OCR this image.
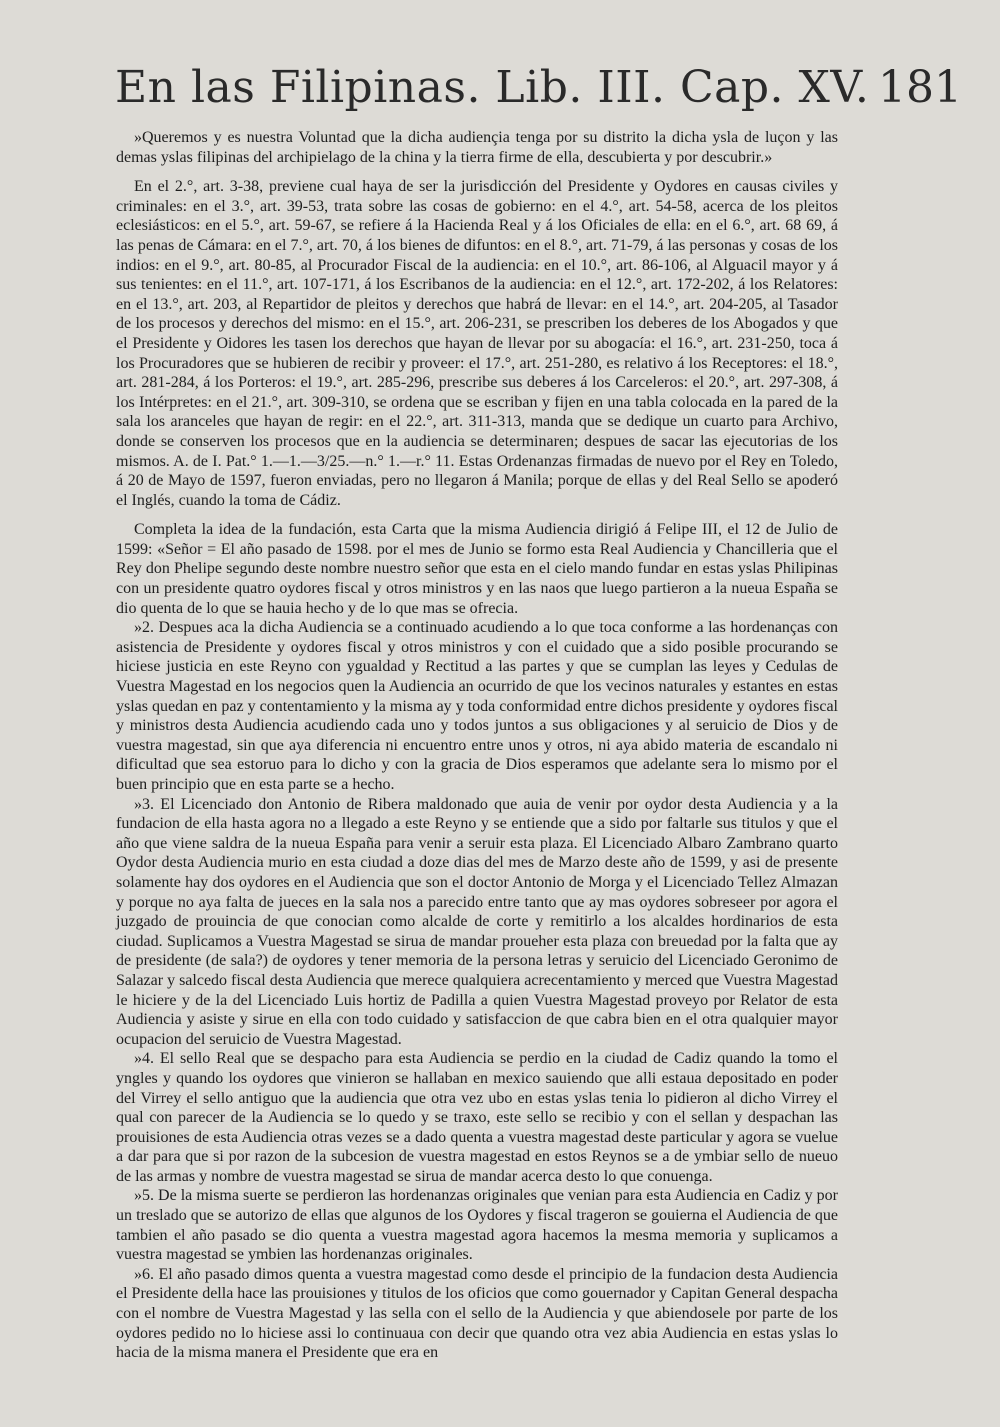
En las Filipinas. Lib. III. Cap. XV. 181

»Queremos y es nuestra Voluntad que la dicha audiençia tenga por su distrito la dicha ysla de luçon y las demas yslas filipinas del archipielago de la china y la tierra firme de ella, descubierta y por descubrir.»

En el 2.°, art. 3-38, previene cual haya de ser la jurisdicción del Presidente y Oydores en causas civiles y criminales: en el 3.°, art. 39-53, trata sobre las cosas de gobierno: en el 4.°, art. 54-58, acerca de los pleitos eclesiásticos: en el 5.°, art. 59-67, se refiere á la Hacienda Real y á los Oficiales de ella: en el 6.°, art. 68 69, á las penas de Cámara: en el 7.°, art. 70, á los bienes de difuntos: en el 8.°, art. 71-79, á las personas y cosas de los indios: en el 9.°, art. 80-85, al Procurador Fiscal de la audiencia: en el 10.°, art. 86-106, al Alguacil mayor y á sus tenientes: en el 11.°, art. 107-171, á los Escribanos de la audiencia: en el 12.°, art. 172-202, á los Relatores: en el 13.°, art. 203, al Repartidor de pleitos y derechos que habrá de llevar: en el 14.°, art. 204-205, al Tasador de los procesos y derechos del mismo: en el 15.°, art. 206-231, se prescriben los deberes de los Abogados y que el Presidente y Oidores les tasen los derechos que hayan de llevar por su abogacía: el 16.°, art. 231-250, toca á los Procuradores que se hubieren de recibir y proveer: el 17.°, art. 251-280, es relativo á los Receptores: el 18.°, art. 281-284, á los Porteros: el 19.°, art. 285-296, prescribe sus deberes á los Carceleros: el 20.°, art. 297-308, á los Intérpretes: en el 21.°, art. 309-310, se ordena que se escriban y fijen en una tabla colocada en la pared de la sala los aranceles que hayan de regir: en el 22.°, art. 311-313, manda que se dedique un cuarto para Archivo, donde se conserven los procesos que en la audiencia se determinaren; despues de sacar las ejecutorias de los mismos. A. de I. Pat.° 1.—1.—3/25.—n.° 1.—r.° 11. Estas Ordenanzas firmadas de nuevo por el Rey en Toledo, á 20 de Mayo de 1597, fueron enviadas, pero no llegaron á Manila; porque de ellas y del Real Sello se apoderó el Inglés, cuando la toma de Cádiz.

Completa la idea de la fundación, esta Carta que la misma Audiencia dirigió á Felipe III, el 12 de Julio de 1599: «Señor = El año pasado de 1598. por el mes de Junio se formo esta Real Audiencia y Chancilleria que el Rey don Phelipe segundo deste nombre nuestro señor que esta en el cielo mando fundar en estas yslas Philipinas con un presidente quatro oydores fiscal y otros ministros y en las naos que luego partieron a la nueua España se dio quenta de lo que se hauia hecho y de lo que mas se ofrecia.

»2. Despues aca la dicha Audiencia se a continuado acudiendo a lo que toca conforme a las hordenanças con asistencia de Presidente y oydores fiscal y otros ministros y con el cuidado que a sido posible procurando se hiciese justicia en este Reyno con ygualdad y Rectitud a las partes y que se cumplan las leyes y Cedulas de Vuestra Magestad en los negocios quen la Audiencia an ocurrido de que los vecinos naturales y estantes en estas yslas quedan en paz y contentamiento y la misma ay y toda conformidad entre dichos presidente y oydores fiscal y ministros desta Audiencia acudiendo cada uno y todos juntos a sus obligaciones y al seruicio de Dios y de vuestra magestad, sin que aya diferencia ni encuentro entre unos y otros, ni aya abido materia de escandalo ni dificultad que sea estoruo para lo dicho y con la gracia de Dios esperamos que adelante sera lo mismo por el buen principio que en esta parte se a hecho.

»3. El Licenciado don Antonio de Ribera maldonado que auia de venir por oydor desta Audiencia y a la fundacion de ella hasta agora no a llegado a este Reyno y se entiende que a sido por faltarle sus titulos y que el año que viene saldra de la nueua España para venir a seruir esta plaza. El Licenciado Albaro Zambrano quarto Oydor desta Audiencia murio en esta ciudad a doze dias del mes de Marzo deste año de 1599, y asi de presente solamente hay dos oydores en el Audiencia que son el doctor Antonio de Morga y el Licenciado Tellez Almazan y porque no aya falta de jueces en la sala nos a parecido entre tanto que ay mas oydores sobreseer por agora el juzgado de prouincia de que conocian como alcalde de corte y remitirlo a los alcaldes hordinarios de esta ciudad. Suplicamos a Vuestra Magestad se sirua de mandar proueher esta plaza con breuedad por la falta que ay de presidente (de sala?) de oydores y tener memoria de la persona letras y seruicio del Licenciado Geronimo de Salazar y salcedo fiscal desta Audiencia que merece qualquiera acrecentamiento y merced que Vuestra Magestad le hiciere y de la del Licenciado Luis hortiz de Padilla a quien Vuestra Magestad proveyo por Relator de esta Audiencia y asiste y sirue en ella con todo cuidado y satisfaccion de que cabra bien en el otra qualquier mayor ocupacion del seruicio de Vuestra Magestad.

»4. El sello Real que se despacho para esta Audiencia se perdio en la ciudad de Cadiz quando la tomo el yngles y quando los oydores que vinieron se hallaban en mexico sauiendo que alli estaua depositado en poder del Virrey el sello antiguo que la audiencia que otra vez ubo en estas yslas tenia lo pidieron al dicho Virrey el qual con parecer de la Audiencia se lo quedo y se traxo, este sello se recibio y con el sellan y despachan las prouisiones de esta Audiencia otras vezes se a dado quenta a vuestra magestad deste particular y agora se vuelue a dar para que si por razon de la subcesion de vuestra magestad en estos Reynos se a de ymbiar sello de nueuo de las armas y nombre de vuestra magestad se sirua de mandar acerca desto lo que conuenga.

»5. De la misma suerte se perdieron las hordenanzas originales que venian para esta Audiencia en Cadiz y por un treslado que se autorizo de ellas que algunos de los Oydores y fiscal trageron se gouierna el Audiencia de que tambien el año pasado se dio quenta a vuestra magestad agora hacemos la mesma memoria y suplicamos a vuestra magestad se ymbien las hordenanzas originales.

»6. El año pasado dimos quenta a vuestra magestad como desde el principio de la fundacion desta Audiencia el Presidente della hace las prouisiones y titulos de los oficios que como gouernador y Capitan General despacha con el nombre de Vuestra Magestad y las sella con el sello de la Audiencia y que abiendosele por parte de los oydores pedido no lo hiciese assi lo continuaua con decir que quando otra vez abia Audiencia en estas yslas lo hacia de la misma manera el Presidente que era en
